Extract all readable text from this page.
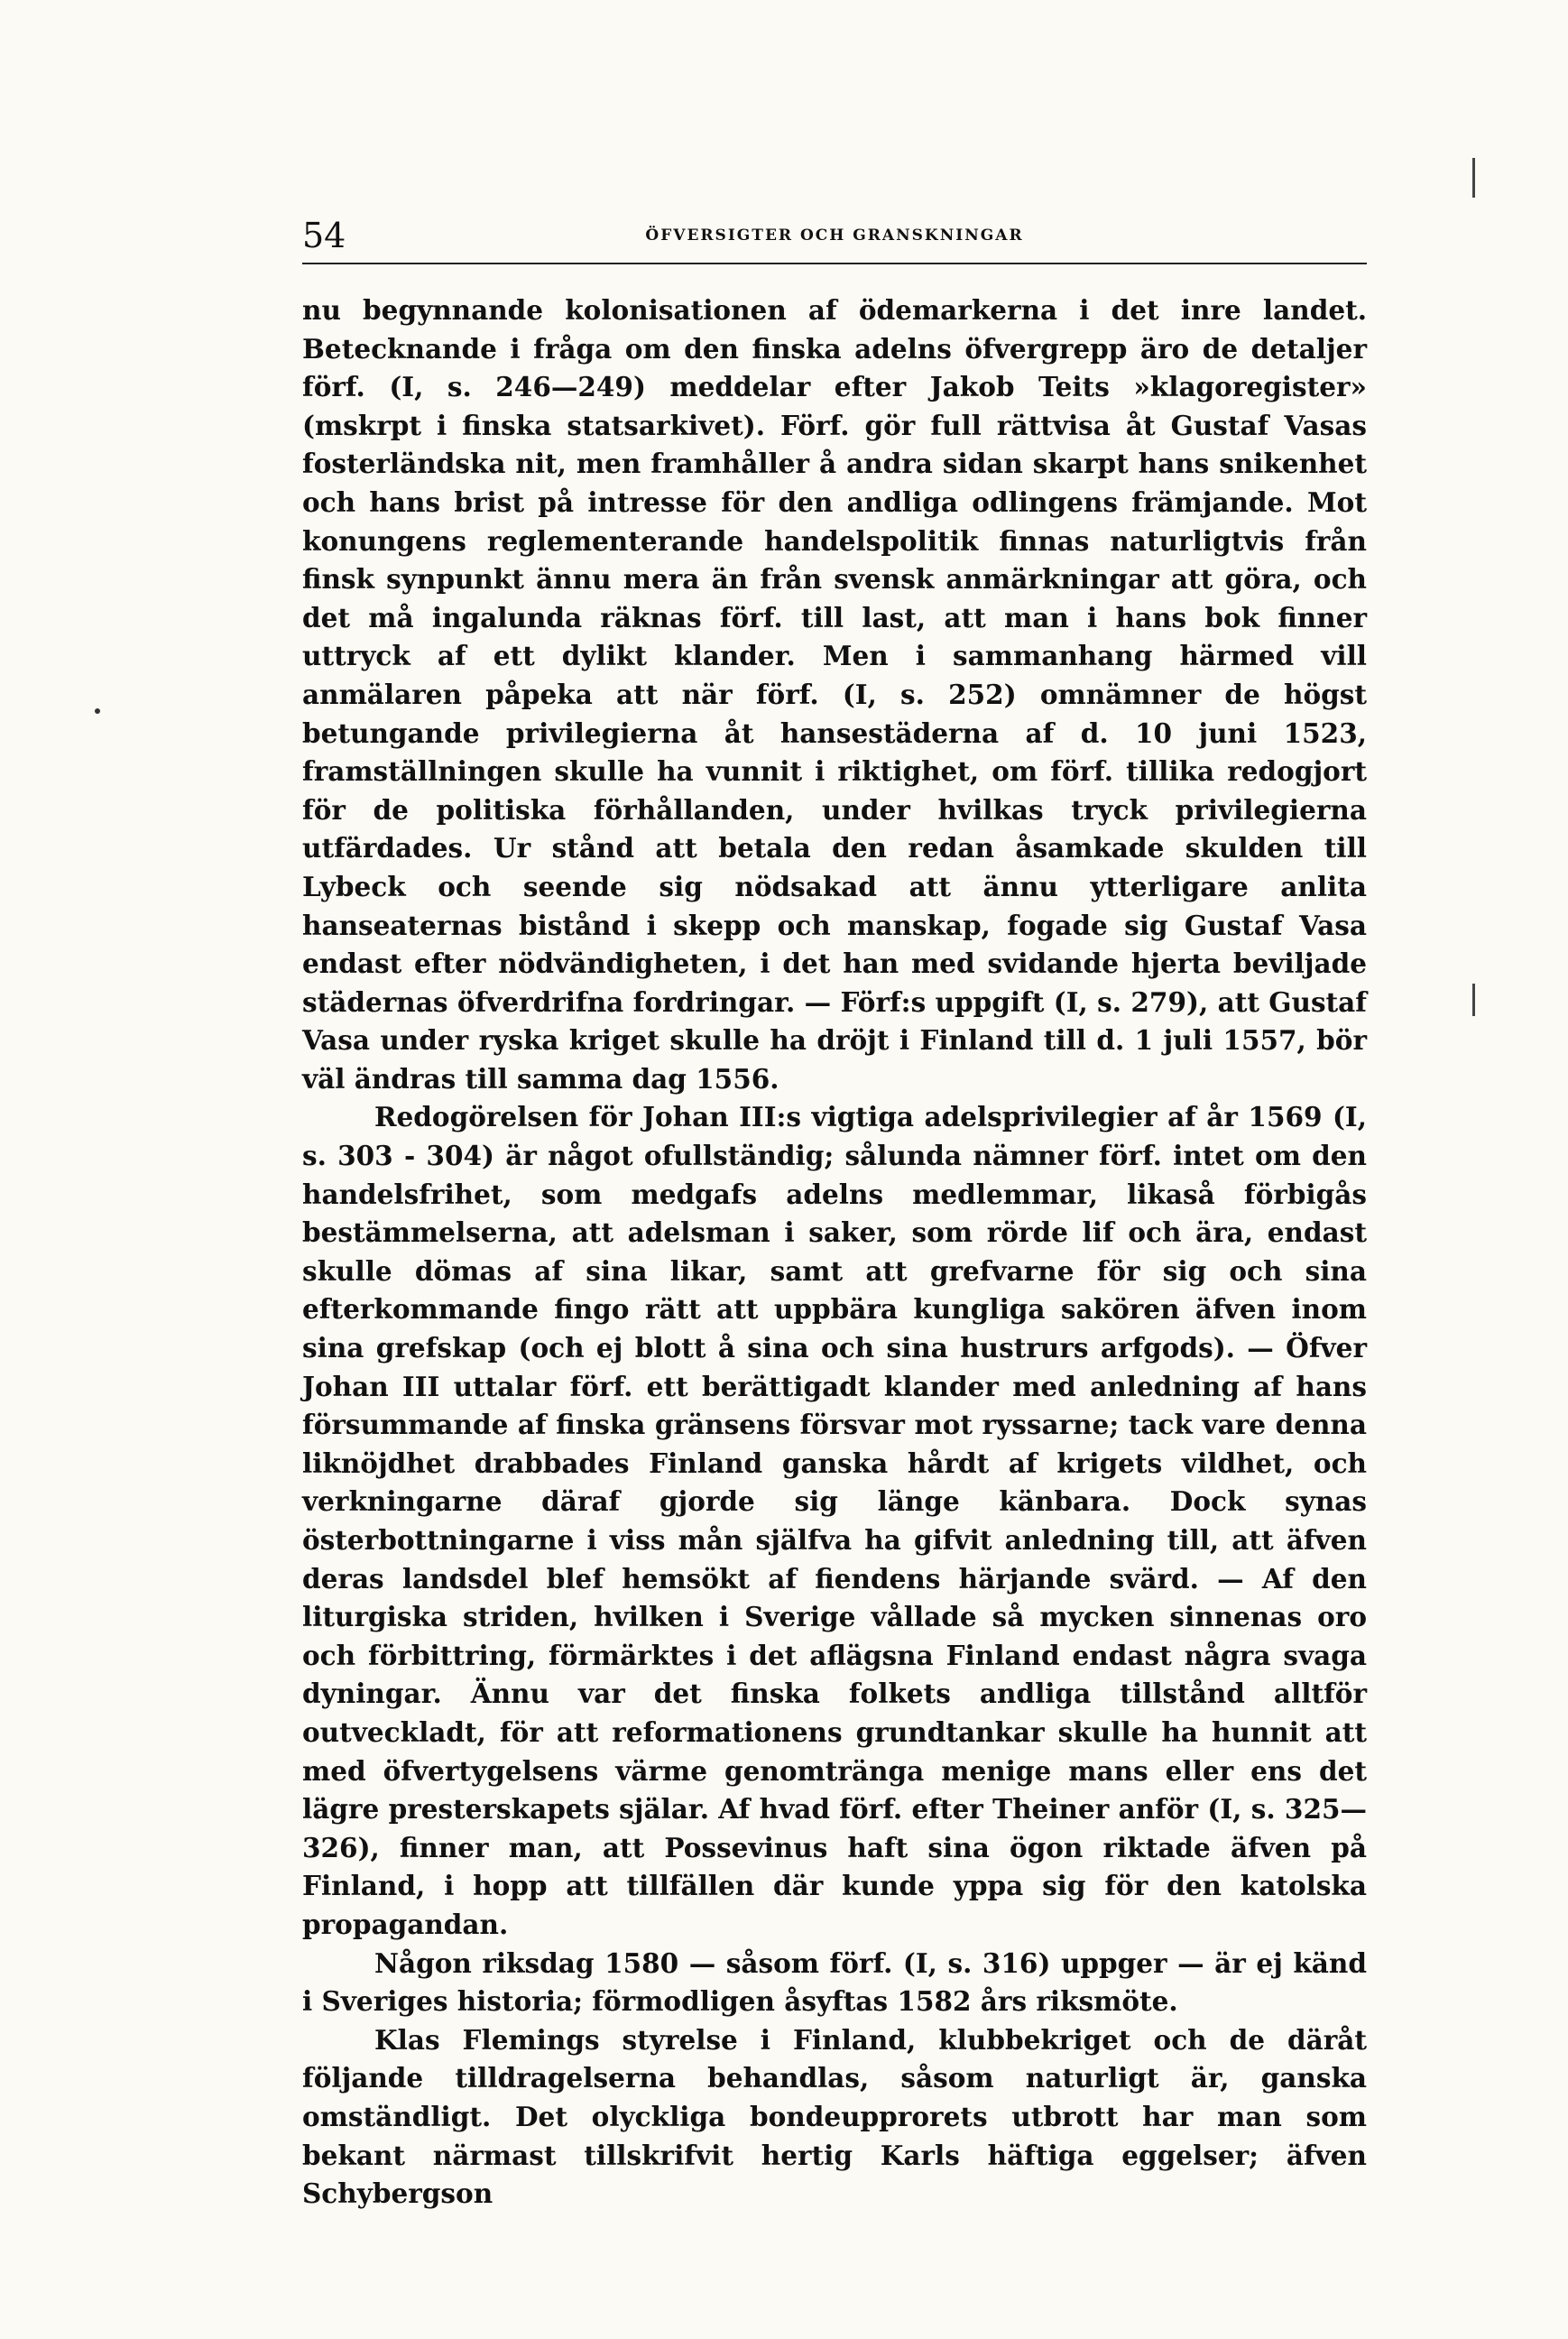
54	ÖFVERSIGTER OCH GRANSKNINGAR

nu begynnande kolonisationen af ödemarkerna i det inre landet. Betecknande i fråga om den finska adelns öfvergrepp äro de detaljer förf. (I, s. 246—249) meddelar efter Jakob Teits »klagoregister» (mskrpt i finska statsarkivet). Förf. gör full rättvisa åt Gustaf Vasas fosterländska nit, men framhåller å andra sidan skarpt hans snikenhet och hans brist på intresse för den andliga odlingens främjande. Mot konungens reglementerande handelspolitik finnas naturligtvis från finsk synpunkt ännu mera än från svensk anmärkningar att göra, och det må ingalunda räknas förf. till last, att man i hans bok finner uttryck af ett dylikt klander. Men i sammanhang härmed vill anmälaren påpeka att när förf. (I, s. 252) omnämner de högst betungande privilegierna åt hansestäderna af d. 10 juni 1523, framställningen skulle ha vunnit i riktighet, om förf. tillika redogjort för de politiska förhållanden, under hvilkas tryck privilegierna utfärdades. Ur stånd att betala den redan åsamkade skulden till Lybeck och seende sig nödsakad att ännu ytterligare anlita hanseaternas bistånd i skepp och manskap, fogade sig Gustaf Vasa endast efter nödvändigheten, i det han med svidande hjerta beviljade städernas öfverdrifna fordringar. — Förf:s uppgift (I, s. 279), att Gustaf Vasa under ryska kriget skulle ha dröjt i Finland till d. 1 juli 1557, bör väl ändras till samma dag 1556.

Redogörelsen för Johan III:s vigtiga adelsprivilegier af år 1569 (I, s. 303 - 304) är något ofullständig; sålunda nämner förf. intet om den handelsfrihet, som medgafs adelns medlemmar, likaså förbigås bestämmelserna, att adelsman i saker, som rörde lif och ära, endast skulle dömas af sina likar, samt att grefvarne för sig och sina efterkommande fingo rätt att uppbära kungliga sakören äfven inom sina grefskap (och ej blott å sina och sina hustrurs arfgods). — Öfver Johan III uttalar förf. ett berättigadt klander med anledning af hans försummande af finska gränsens försvar mot ryssarne; tack vare denna liknöjdhet drabbades Finland ganska hårdt af krigets vildhet, och verkningarne däraf gjorde sig länge känbara. Dock synas österbottningarne i viss mån själfva ha gifvit anledning till, att äfven deras landsdel blef hemsökt af fiendens härjande svärd. — Af den liturgiska striden, hvilken i Sverige vållade så mycken sinnenas oro och förbittring, förmärktes i det aflägsna Finland endast några svaga dyningar. Ännu var det finska folkets andliga tillstånd alltför outveckladt, för att reformationens grundtankar skulle ha hunnit att med öfvertygelsens värme genomtränga menige mans eller ens det lägre presterskapets själar. Af hvad förf. efter Theiner anför (I, s. 325—326), finner man, att Possevinus haft sina ögon riktade äfven på Finland, i hopp att tillfällen där kunde yppa sig för den katolska propagandan.

Någon riksdag 1580 — såsom förf. (I, s. 316) uppger — är ej känd i Sveriges historia; förmodligen åsyftas 1582 års riksmöte.

Klas Flemings styrelse i Finland, klubbekriget och de däråt följande tilldragelserna behandlas, såsom naturligt är, ganska omständligt. Det olyckliga bondeupprorets utbrott har man som bekant närmast tillskrifvit hertig Karls häftiga eggelser; äfven Schybergson
